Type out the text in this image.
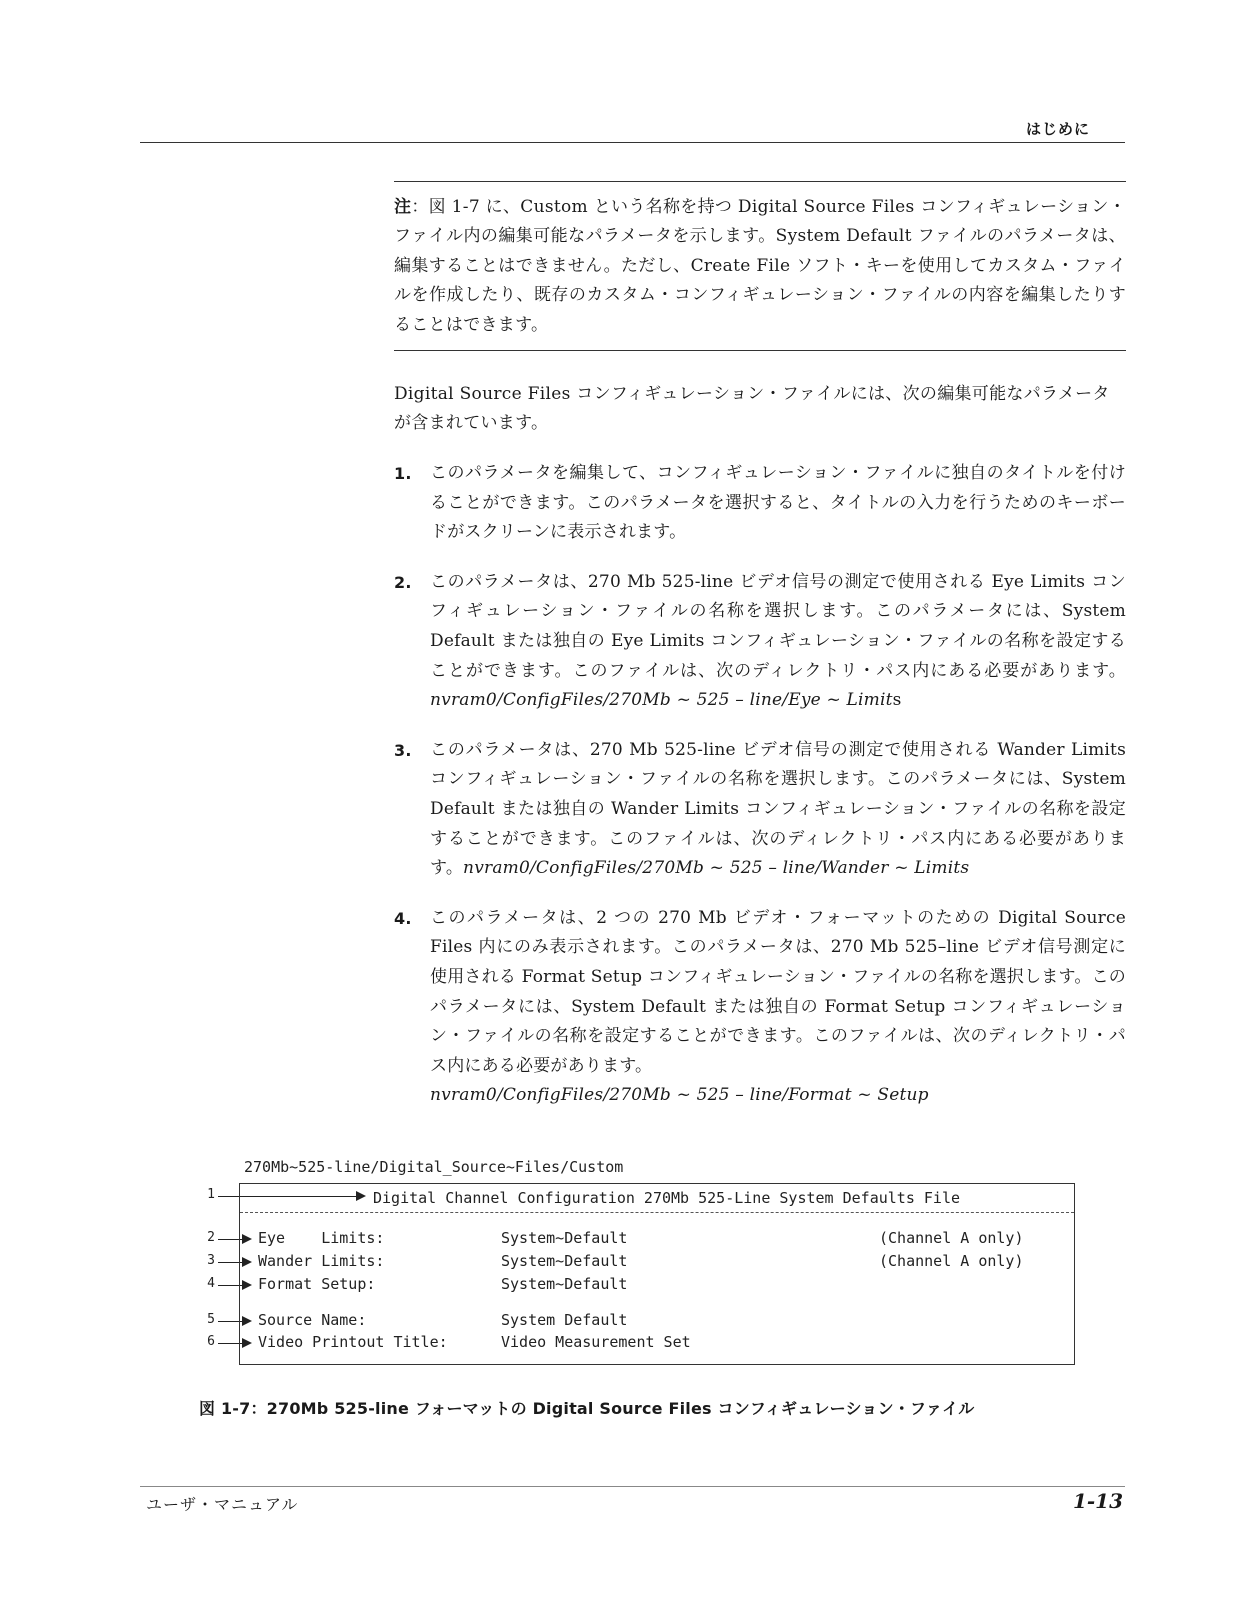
はじめに
注：図 1-7 に、Custom という名称を持つ Digital Source Files コンフィギュレーション・ファイル内の編集可能なパラメータを示します。System Default ファイルのパラメータは、編集することはできません。ただし、Create File ソフト・キーを使用してカスタム・ファイルを作成したり、既存のカスタム・コンフィギュレーション・ファイルの内容を編集したりすることはできます。
Digital Source Files コンフィギュレーション・ファイルには、次の編集可能なパラメータが含まれています。
1. このパラメータを編集して、コンフィギュレーション・ファイルに独自のタイトルを付けることができます。このパラメータを選択すると、タイトルの入力を行うためのキーボードがスクリーンに表示されます。
2. このパラメータは、270 Mb 525-line ビデオ信号の測定で使用される Eye Limits コンフィギュレーション・ファイルの名称を選択します。このパラメータには、System Default または独自の Eye Limits コンフィギュレーション・ファイルの名称を設定することができます。このファイルは、次のディレクトリ・パス内にある必要があります。nvram0/ConfigFiles/270Mb ~ 525 – line/Eye ~ Limits
3. このパラメータは、270 Mb 525-line ビデオ信号の測定で使用される Wander Limits コンフィギュレーション・ファイルの名称を選択します。このパラメータには、System Default または独自の Wander Limits コンフィギュレーション・ファイルの名称を設定することができます。このファイルは、次のディレクトリ・パス内にある必要があります。nvram0/ConfigFiles/270Mb ~ 525 – line/Wander ~ Limits
4. このパラメータは、2 つの 270 Mb ビデオ・フォーマットのための Digital Source Files 内にのみ表示されます。このパラメータは、270 Mb 525–line ビデオ信号測定に使用される Format Setup コンフィギュレーション・ファイルの名称を選択します。このパラメータには、System Default または独自の Format Setup コンフィギュレーション・ファイルの名称を設定することができます。このファイルは、次のディレクトリ・パス内にある必要があります。
nvram0/ConfigFiles/270Mb ~ 525 – line/Format ~ Setup
270Mb~525-line/Digital_Source~Files/Custom
1
2
3
4
5
6
Digital Channel Configuration 270Mb 525-Line System Defaults File
Eye    Limits:	System~Default	(Channel A only)
Wander Limits:	System~Default	(Channel A only)
Format Setup:	System~Default
Source Name:	System Default
Video Printout Title:	Video Measurement Set
図 1-7：270Mb 525-line フォーマットの Digital Source Files コンフィギュレーション・ファイル
ユーザ・マニュアル	1-13
